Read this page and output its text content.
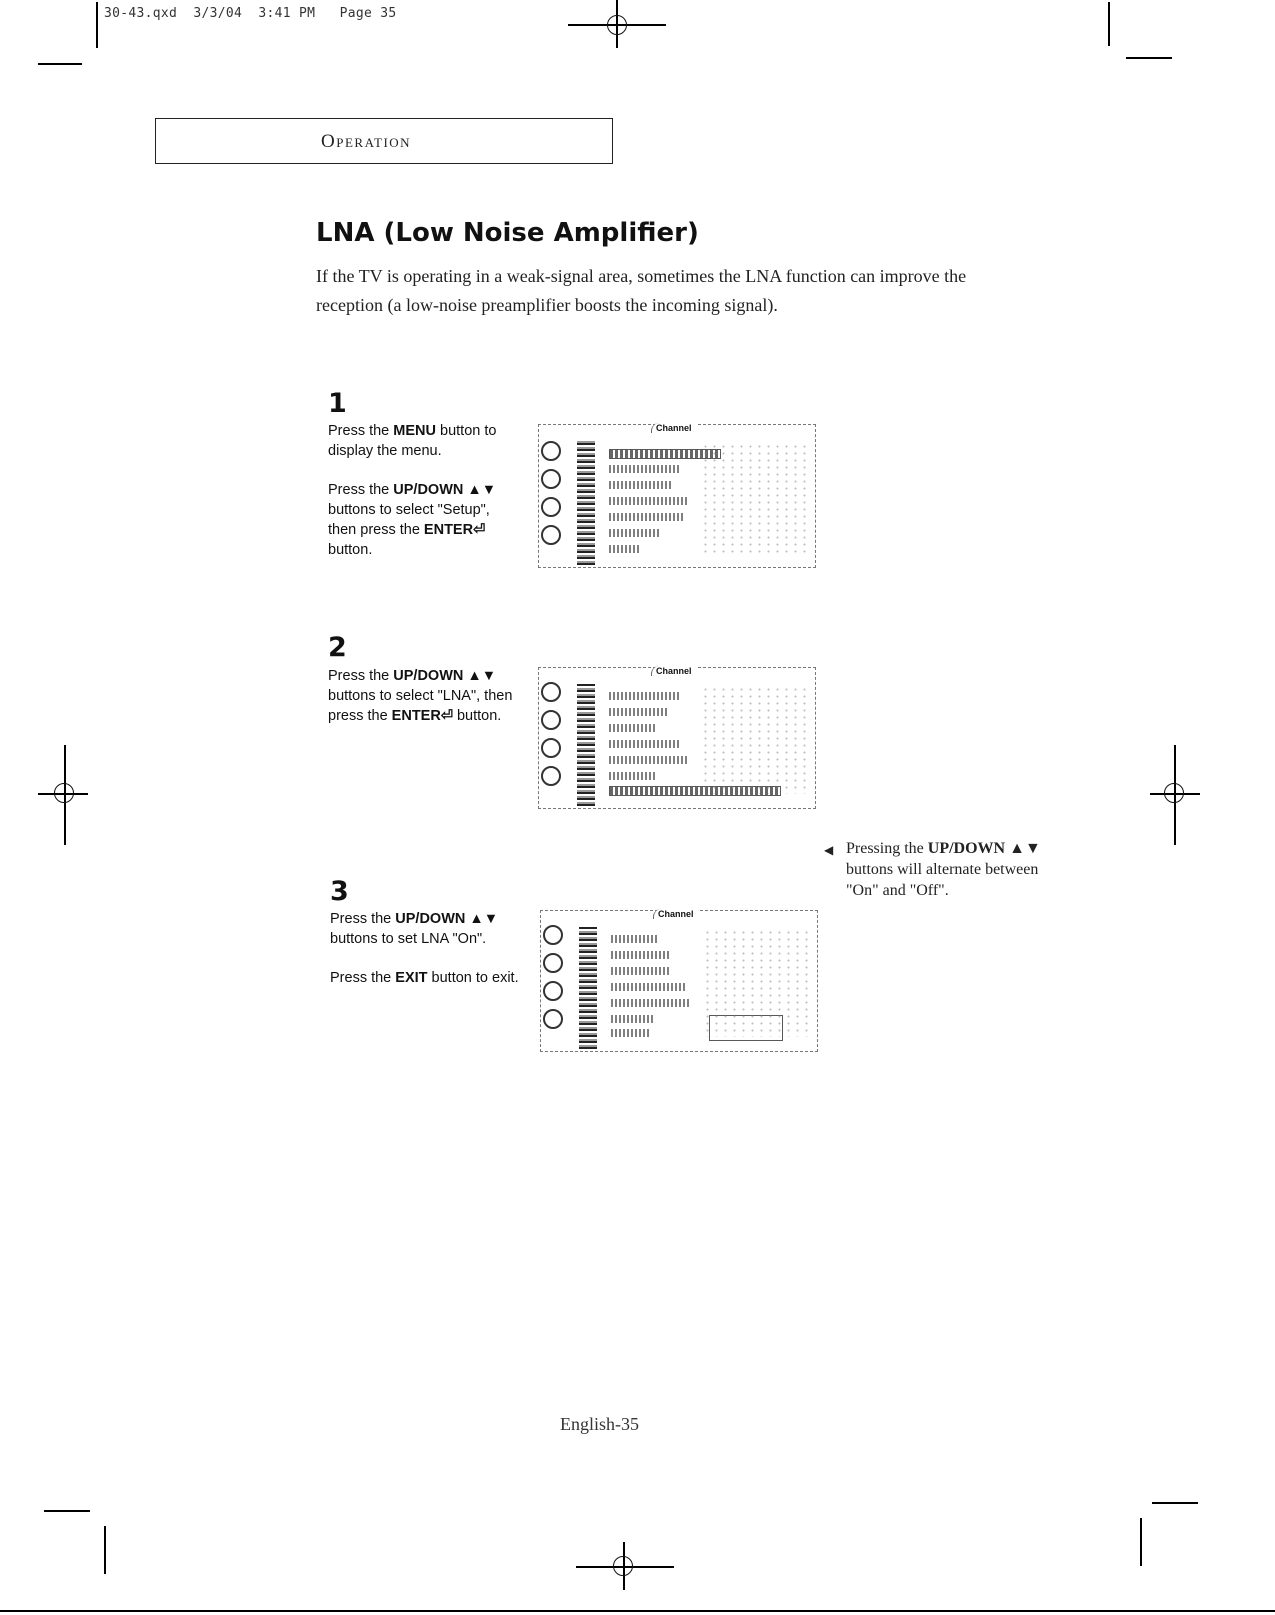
30-43.qxd  3/3/04  3:41 PM   Page 35
Operation
LNA (Low Noise Amplifier)
If the TV is operating in a weak-signal area, sometimes the LNA function can improve the reception (a low-noise preamplifier boosts the incoming signal).
1

Press the MENU button to display the menu.

Press the UP/DOWN ▲▼ buttons to select "Setup", then press the ENTER⏎ button.

Channel
2

Press the UP/DOWN ▲▼ buttons to select "LNA", then press the ENTER⏎ button.

Channel
3

Press the UP/DOWN ▲▼ buttons to set LNA "On".

Press the EXIT button to exit.

Channel
◀ Pressing the UP/DOWN ▲▼ buttons will alternate between "On" and "Off".
English-35
